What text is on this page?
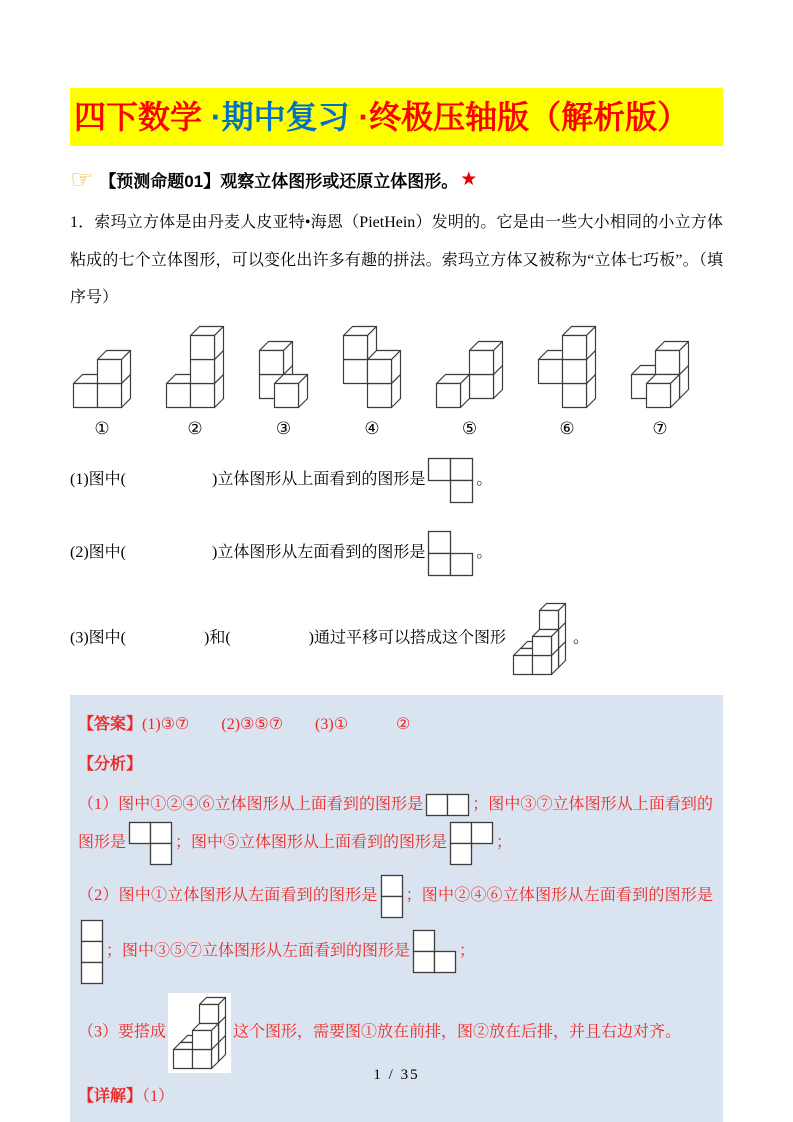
四下数学 ·期中复习 ·终极压轴版（解析版）
☞ 【预测命题01】观察立体图形或还原立体图形。 ★

1．索玛立方体是由丹麦人皮亚特•海恩（PietHein）发明的。它是由一些大小相同的小立方体粘成的七个立体图形，可以变化出许多有趣的拼法。索玛立方体又被称为“立体七巧板”。（填序号）

①	②	③	④	⑤	⑥	⑦

(1)图中(	)立体图形从上面看到的图形是	。

(2)图中(	)立体图形从左面看到的图形是	。

(3)图中(	)和(	)通过平移可以搭成这个图形	。

【答案】(1)③⑦　　(2)③⑤⑦　　(3)①　　　②

【分析】

（1）图中①②④⑥立体图形从上面看到的图形是	；图中③⑦立体图形从上面看到的图形是	；图中⑤立体图形从上面看到的图形是	；

（2）图中①立体图形从左面看到的图形是 ；图中②④⑥立体图形从左面看到的图形是；图中③⑤⑦立体图形从左面看到的图形是	；

（3）要搭成	这个图形，需要图①放在前排，图②放在后排，并且右边对齐。

【详解】（1）

1 / 35
